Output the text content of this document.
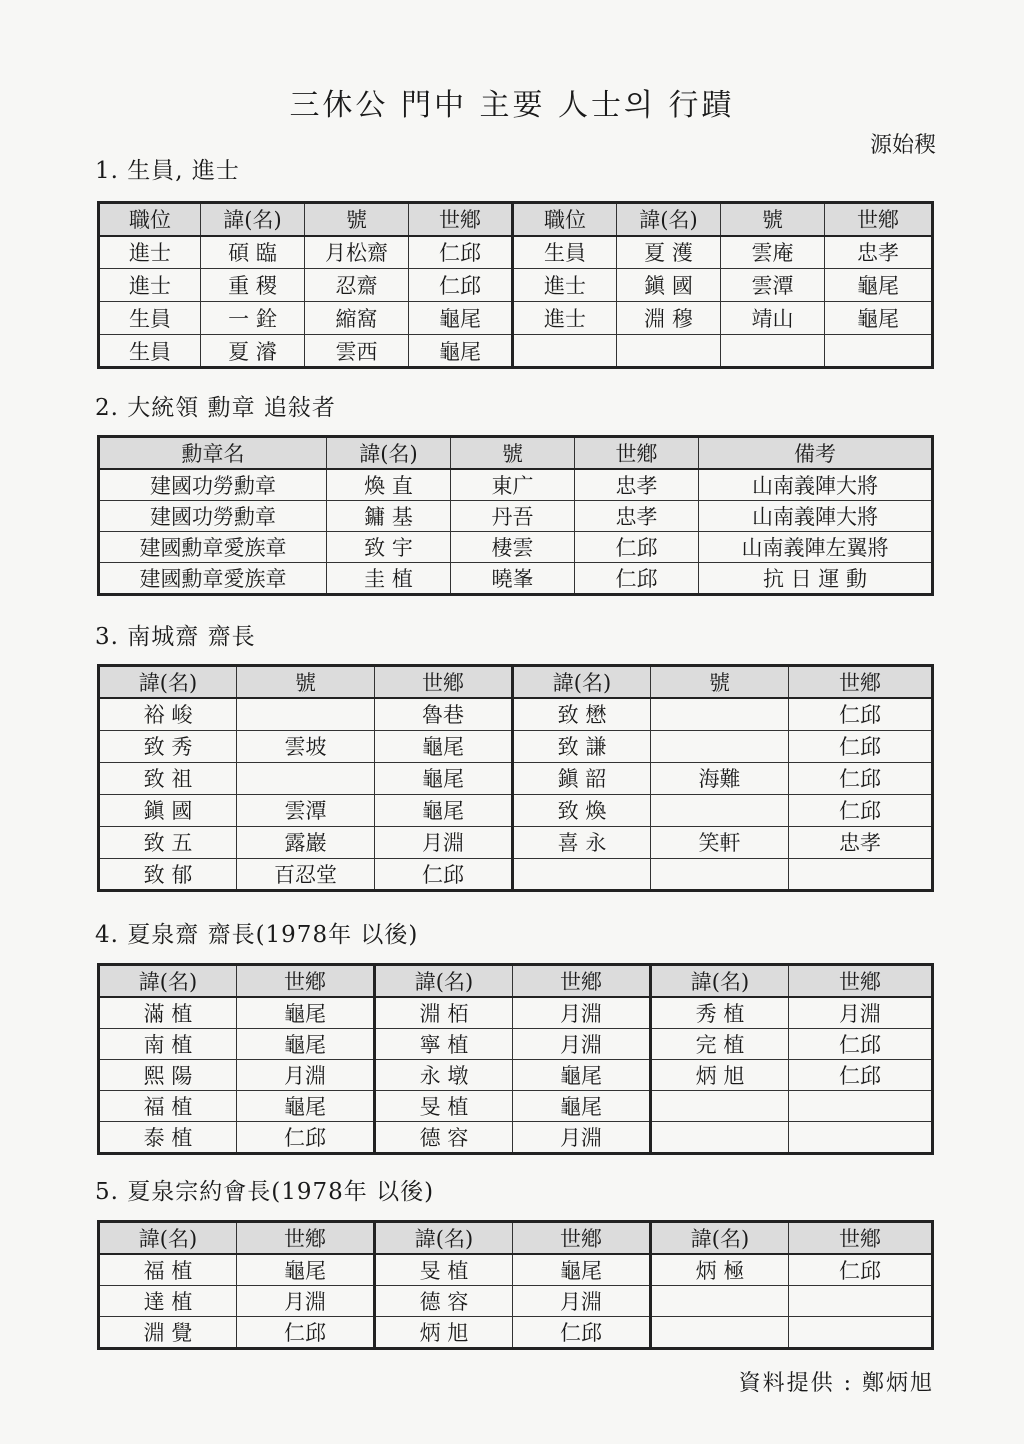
三休公 門中 主要 人士의 行蹟
源始稧
1. 生員, 進士
職位	諱(名)	號	世鄕	職位	諱(名)	號	世鄕
進士	碩 臨	月松齋	仁邱	生員	夏 濩	雲庵	忠孝
進士	重 稷	忍齋	仁邱	進士	鎭 國	雲潭	龜尾
生員	一 銓	縮窩	龜尾	進士	淵 穆	靖山	龜尾
生員	夏 濬	雲西	龜尾				
2. 大統領 勳章 追敍者
勳章名	諱(名)	號	世鄕	備考
建國功勞勳章	煥 直	東广	忠孝	山南義陣大將
建國功勞勳章	鏞 基	丹吾	忠孝	山南義陣大將
建國勳章愛族章	致 宇	棲雲	仁邱	山南義陣左翼將
建國勳章愛族章	圭 植	曉峯	仁邱	抗 日 運 動
3. 南城齋 齋長
諱(名)	號	世鄕	諱(名)	號	世鄕
裕 峻		魯巷	致 懋		仁邱
致 秀	雲坡	龜尾	致 謙		仁邱
致 祖		龜尾	鎭 韶	海難	仁邱
鎭 國	雲潭	龜尾	致 煥		仁邱
致 五	露巖	月淵	喜 永	笑軒	忠孝
致 郁	百忍堂	仁邱			
4. 夏泉齋 齋長(1978年 以後)
諱(名)	世鄕	諱(名)	世鄕	諱(名)	世鄕
滿 植	龜尾	淵 栢	月淵	秀 植	月淵
南 植	龜尾	寧 植	月淵	完 植	仁邱
熙 陽	月淵	永 墩	龜尾	炳 旭	仁邱
福 植	龜尾	旻 植	龜尾		
泰 植	仁邱	德 容	月淵		
5. 夏泉宗約會長(1978年 以後)
諱(名)	世鄕	諱(名)	世鄕	諱(名)	世鄕
福 植	龜尾	旻 植	龜尾	炳 極	仁邱
達 植	月淵	德 容	月淵		
淵 覺	仁邱	炳 旭	仁邱		
資料提供 : 鄭炳旭
